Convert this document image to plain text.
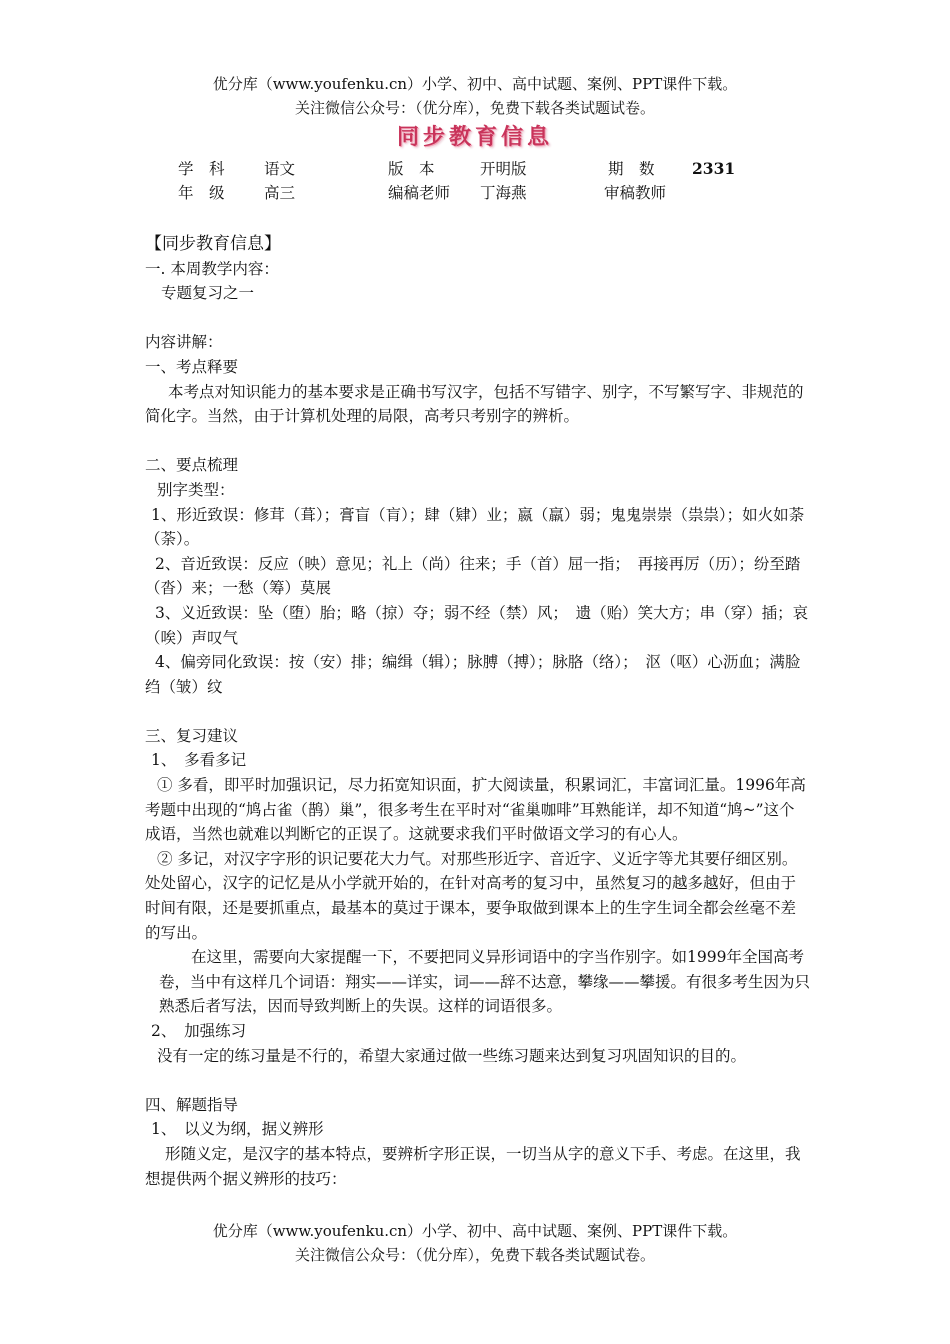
优分库（www.youfenku.cn）小学、初中、高中试题、案例、PPT课件下载。
关注微信公众号：（优分库），免费下载各类试题试卷。
同步教育信息
学　科	语文	版　本	开明版	期　数 2331
年　级	高三	编稿老师 丁海燕	审稿教师

【同步教育信息】

一. 本周教学内容：

专题复习之一

内容讲解：

一、考点释要

本考点对知识能力的基本要求是正确书写汉字，包括不写错字、别字，不写繁写字、非规范的简化字。当然，由于计算机处理的局限，高考只考别字的辨析。

二、要点梳理

别字类型：

1、形近致误：修茸（葺）；膏盲（肓）；肆（肄）业；嬴（羸）弱；鬼鬼崇崇（祟祟）；如火如荼（荼）。

2、音近致误：反应（映）意见；礼上（尚）往来；手（首）屈一指；　再接再厉（历）；纷至踏（沓）来；一愁（筹）莫展

3、义近致误：坠（堕）胎；略（掠）夺；弱不经（禁）风；　遗（贻）笑大方；串（穿）插；哀（唉）声叹气

4、偏旁同化致误：按（安）排；编缉（辑）；脉膊（搏）；脉胳（络）；　沤（呕）心沥血；满脸绉（皱）纹

三、复习建议

1、　多看多记

① 多看，即平时加强识记，尽力拓宽知识面，扩大阅读量，积累词汇，丰富词汇量。1996年高考题中出现的“鸠占雀（鹊）巢”，很多考生在平时对“雀巢咖啡”耳熟能详，却不知道“鸠~”这个成语，当然也就难以判断它的正误了。这就要求我们平时做语文学习的有心人。

② 多记，对汉字字形的识记要花大力气。对那些形近字、音近字、义近字等尤其要仔细区别。处处留心，汉字的记忆是从小学就开始的，在针对高考的复习中，虽然复习的越多越好，但由于时间有限，还是要抓重点，最基本的莫过于课本，要争取做到课本上的生字生词全都会丝毫不差的写出。

在这里，需要向大家提醒一下，不要把同义异形词语中的字当作别字。如1999年全国高考卷，当中有这样几个词语：翔实——详实，词——辞不达意，攀缘——攀援。有很多考生因为只熟悉后者写法，因而导致判断上的失误。这样的词语很多。

2、　加强练习

没有一定的练习量是不行的，希望大家通过做一些练习题来达到复习巩固知识的目的。

四、解题指导

1、　以义为纲，据义辨形

形随义定，是汉字的基本特点，要辨析字形正误，一切当从字的意义下手、考虑。在这里，我想提供两个据义辨形的技巧：

优分库（www.youfenku.cn）小学、初中、高中试题、案例、PPT课件下载。
关注微信公众号：（优分库），免费下载各类试题试卷。
